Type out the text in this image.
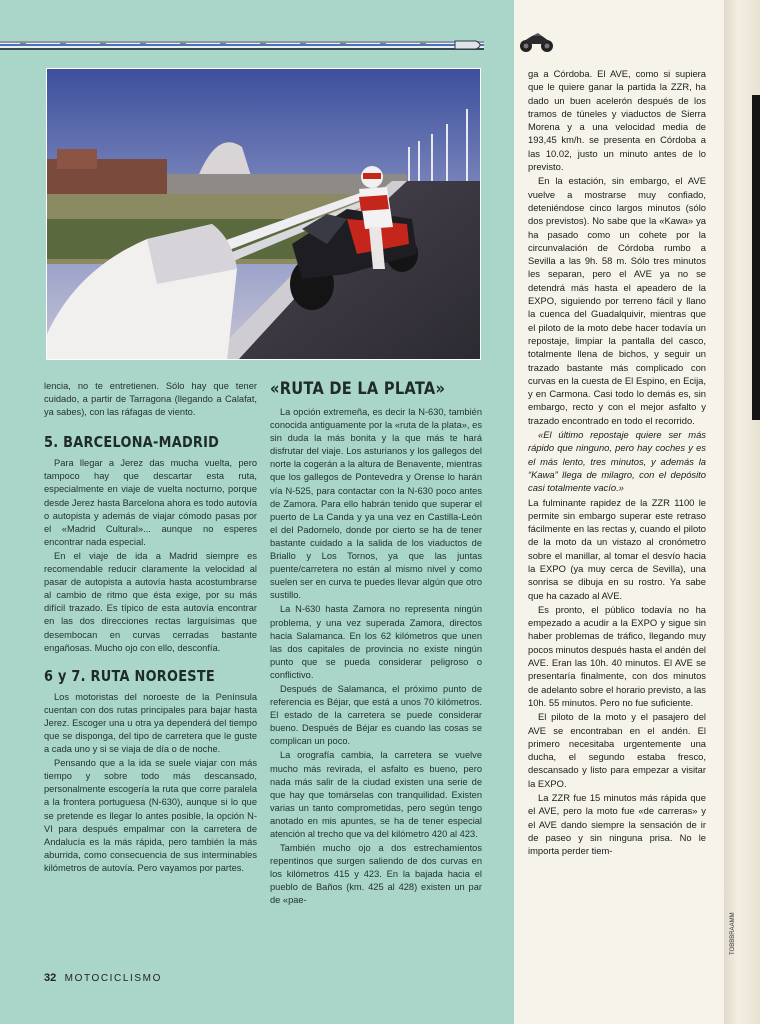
lencia, no te entretienen. Sólo hay que tener cuidado, a partir de Tarragona (llegando a Calafat, ya sabes), con las ráfagas de viento.

5. BARCELONA-MADRID

Para llegar a Jerez das mucha vuelta, pero tampoco hay que descartar esta ruta, especialmente en viaje de vuelta nocturno, porque desde Jerez hasta Barcelona ahora es todo autovía o autopista y además de viajar cómodo pasas por el «Madrid Cultural»... aunque no esperes encontrar nada especial.

En el viaje de ida a Madrid siempre es recomendable reducir claramente la velocidad al pasar de autopista a autovía hasta acostumbrarse al cambio de ritmo que ésta exige, por su más difícil trazado. Es típico de esta autovía encontrar en las dos direcciones rectas larguísimas que desembocan en curvas cerradas bastante engañosas. Mucho ojo con ello, desconfía.

6 y 7. RUTA NOROESTE

Los motoristas del noroeste de la Península cuentan con dos rutas principales para bajar hasta Jerez. Escoger una u otra ya dependerá del tiempo que se disponga, del tipo de carretera que le guste a cada uno y si se viaja de día o de noche.

Pensando que a la ida se suele viajar con más tiempo y sobre todo más descansado, personalmente escogería la ruta que corre paralela a la frontera portuguesa (N-630), aunque si lo que se pretende es llegar lo antes posible, la opción N-VI para después empalmar con la carretera de Andalucía es la más rápida, pero también la más aburrida, como consecuencia de sus interminables kilómetros de autovía. Pero vayamos por partes.

«RUTA DE LA PLATA»

La opción extremeña, es decir la N-630, también conocida antiguamente por la «ruta de la plata», es sin duda la más bonita y la que más te hará disfrutar del viaje. Los asturianos y los gallegos del norte la cogerán a la altura de Benavente, mientras que los gallegos de Pontevedra y Orense lo harán vía N-525, para contactar con la N-630 poco antes de Zamora. Para ello habrán tenido que superar el puerto de La Canda y ya una vez en Castilla-León el del Padornelo, donde por cierto se ha de tener bastante cuidado a la salida de los viaductos de Briallo y Los Tornos, ya que las juntas puente/carretera no están al mismo nivel y como suelen ser en curva te puedes llevar algún que otro sustillo.

La N-630 hasta Zamora no representa ningún problema, y una vez superada Zamora, directos hacia Salamanca. En los 62 kilómetros que unen las dos capitales de provincia no existe ningún punto que se pueda considerar peligroso o conflictivo.

Después de Salamanca, el próximo punto de referencia es Béjar, que está a unos 70 kilómetros. El estado de la carretera se puede considerar bueno. Después de Béjar es cuando las cosas se complican un poco.

La orografía cambia, la carretera se vuelve mucho más revirada, el asfalto es bueno, pero nada más salir de la ciudad existen una serie de que hay que tomárselas con tranquilidad. Existen varias un tanto comprometidas, pero según tengo anotado en mis apuntes, se ha de tener especial atención al trecho que va del kilómetro 420 al 423.

También mucho ojo a dos estrechamientos repentinos que surgen saliendo de dos curvas en los kilómetros 415 y 423. En la bajada hacia el pueblo de Baños (km. 425 al 428) existen un par de «pae-

ga a Córdoba. El AVE, como si supiera que le quiere ganar la partida la ZZR, ha dado un buen acelerón después de los tramos de túneles y viaductos de Sierra Morena y a una velocidad media de 193,45 km/h. se presenta en Córdoba a las 10.02, justo un minuto antes de lo previsto.

En la estación, sin embargo, el AVE vuelve a mostrarse muy confiado, deteniéndose cinco largos minutos (sólo dos previstos). No sabe que la «Kawa» ya ha pasado como un cohete por la circunvalación de Córdoba rumbo a Sevilla a las 9h. 58 m. Sólo tres minutos les separan, pero el AVE ya no se detendrá más hasta el apeadero de la EXPO, siguiendo por terreno fácil y llano la cuenca del Guadalquivir, mientras que el piloto de la moto debe hacer todavía un repostaje, limpiar la pantalla del casco, totalmente llena de bichos, y seguir un trazado bastante más complicado con curvas en la cuesta de El Espino, en Ecija, y en Carmona. Casi todo lo demás es, sin embargo, recto y con el mejor asfalto y trazado encontrado en todo el recorrido.

«El último repostaje quiere ser más rápido que ninguno, pero hay coches y es el más lento, tres minutos, y además la “Kawa” llega de milagro, con el depósito casi totalmente vacío.»

La fulminante rapidez de la ZZR 1100 le permite sin embargo superar este retraso fácilmente en las rectas y, cuando el piloto de la moto da un vistazo al cronómetro sobre el manillar, al tomar el desvío hacia la EXPO (ya muy cerca de Sevilla), una sonrisa se dibuja en su rostro. Ya sabe que ha cazado al AVE.

Es pronto, el público todavía no ha empezado a acudir a la EXPO y sigue sin haber problemas de tráfico, llegando muy pocos minutos después hasta el andén del AVE. Eran las 10h. 40 minutos. El AVE se presentaría finalmente, con dos minutos de adelanto sobre el horario previsto, a las 10h. 55 minutos. Pero no fue suficiente.

El piloto de la moto y el pasajero del AVE se encontraban en el andén. El primero necesitaba urgentemente una ducha, el segundo estaba fresco, descansado y listo para empezar a visitar la EXPO.

La ZZR fue 15 minutos más rápida que el AVE, pero la moto fue «de carreras» y el AVE dando siempre la sensación de ir de paseo y sin ninguna prisa. No le importa perder tiem-

32 MOTOCICLISMO
TOBBBRAAMM
